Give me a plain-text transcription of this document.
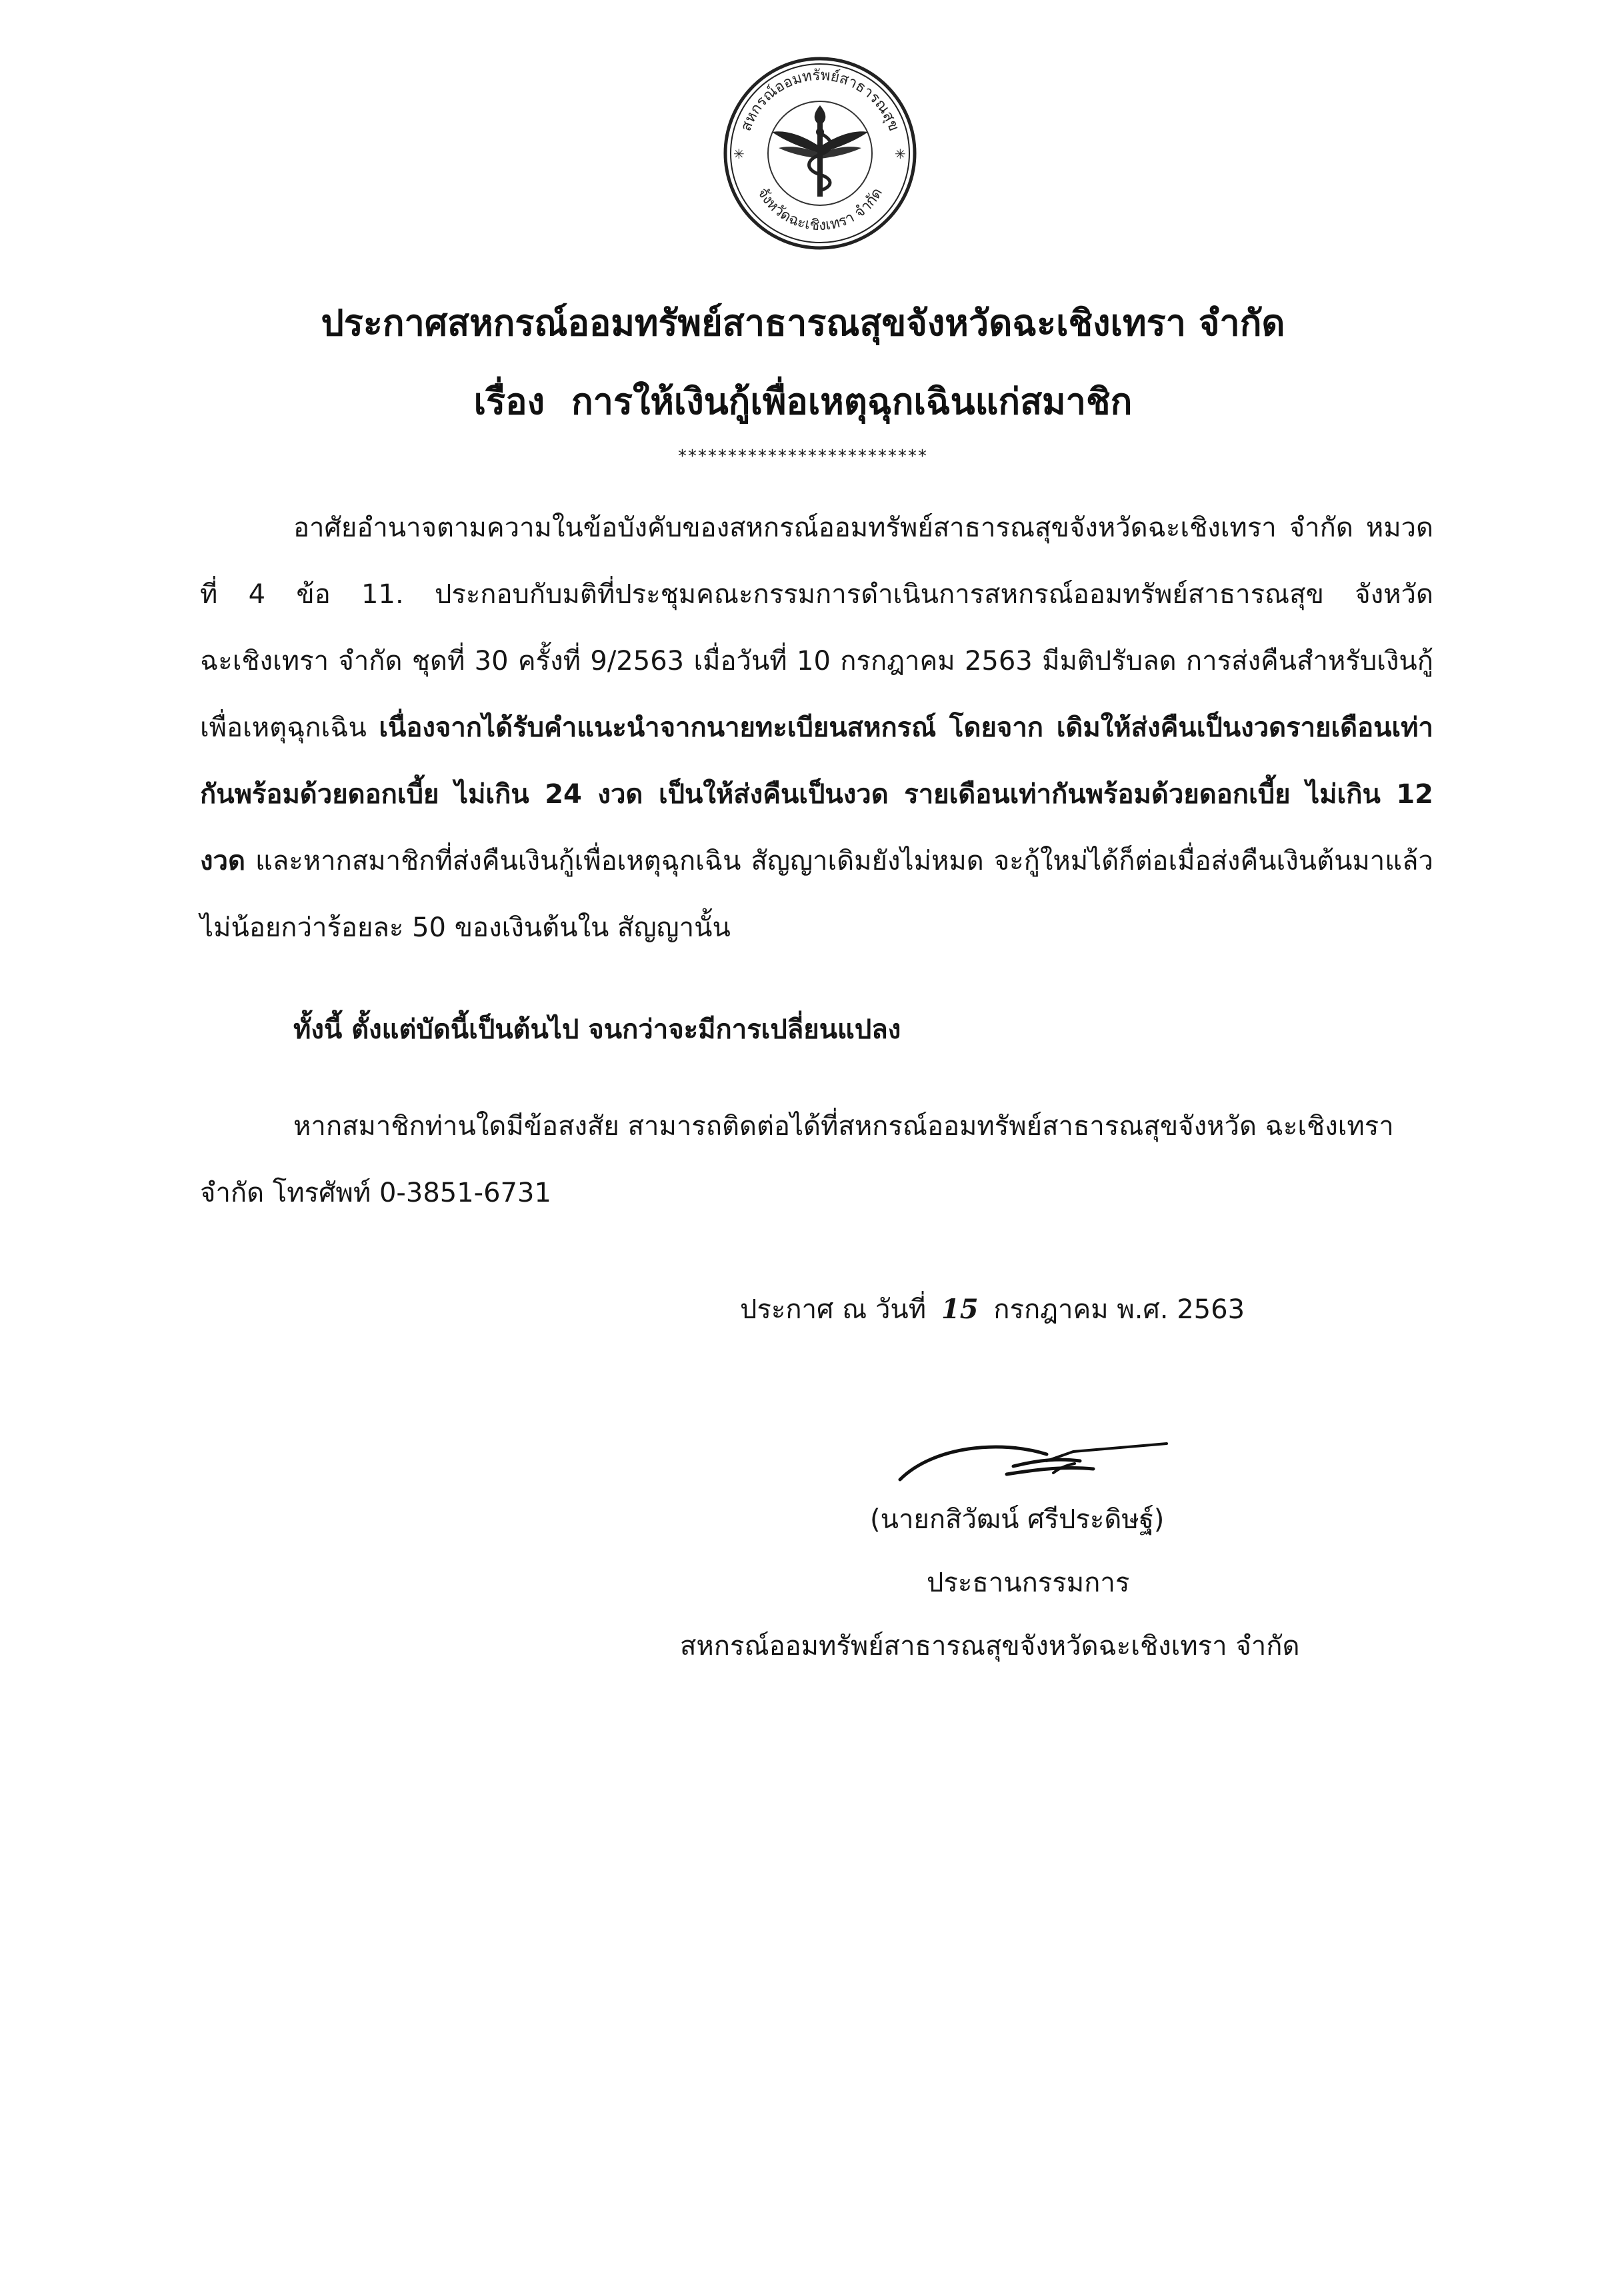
สหกรณ์ออมทรัพย์สาธารณสุข
จังหวัดฉะเชิงเทรา จำกัด
✳	✳
ประกาศสหกรณ์ออมทรัพย์สาธารณสุขจังหวัดฉะเชิงเทรา จำกัด
เรื่อง การให้เงินกู้เพื่อเหตุฉุกเฉินแก่สมาชิก
*************************
อาศัยอำนาจตามความในข้อบังคับของสหกรณ์ออมทรัพย์สาธารณสุขจังหวัดฉะเชิงเทรา จำกัด หมวดที่ 4 ข้อ 11. ประกอบกับมติที่ประชุมคณะกรรมการดำเนินการสหกรณ์ออมทรัพย์สาธารณสุข จังหวัดฉะเชิงเทรา จำกัด ชุดที่ 30 ครั้งที่ 9/2563 เมื่อวันที่ 10 กรกฎาคม 2563 มีมติปรับลด การส่งคืนสำหรับเงินกู้เพื่อเหตุฉุกเฉิน เนื่องจากได้รับคำแนะนำจากนายทะเบียนสหกรณ์ โดยจาก เดิมให้ส่งคืนเป็นงวดรายเดือนเท่ากันพร้อมด้วยดอกเบี้ย ไม่เกิน 24 งวด เป็นให้ส่งคืนเป็นงวด รายเดือนเท่ากันพร้อมด้วยดอกเบี้ย ไม่เกิน 12 งวด และหากสมาชิกที่ส่งคืนเงินกู้เพื่อเหตุฉุกเฉิน สัญญาเดิมยังไม่หมด จะกู้ใหม่ได้ก็ต่อเมื่อส่งคืนเงินต้นมาแล้วไม่น้อยกว่าร้อยละ 50 ของเงินต้นใน สัญญานั้น
ทั้งนี้ ตั้งแต่บัดนี้เป็นต้นไป จนกว่าจะมีการเปลี่ยนแปลง
หากสมาชิกท่านใดมีข้อสงสัย สามารถติดต่อได้ที่สหกรณ์ออมทรัพย์สาธารณสุขจังหวัด ฉะเชิงเทรา จำกัด โทรศัพท์ 0-3851-6731
ประกาศ ณ วันที่ 15 กรกฎาคม พ.ศ. 2563
(นายกสิวัฒน์ ศรีประดิษฐ์)
ประธานกรรมการ
สหกรณ์ออมทรัพย์สาธารณสุขจังหวัดฉะเชิงเทรา จำกัด
